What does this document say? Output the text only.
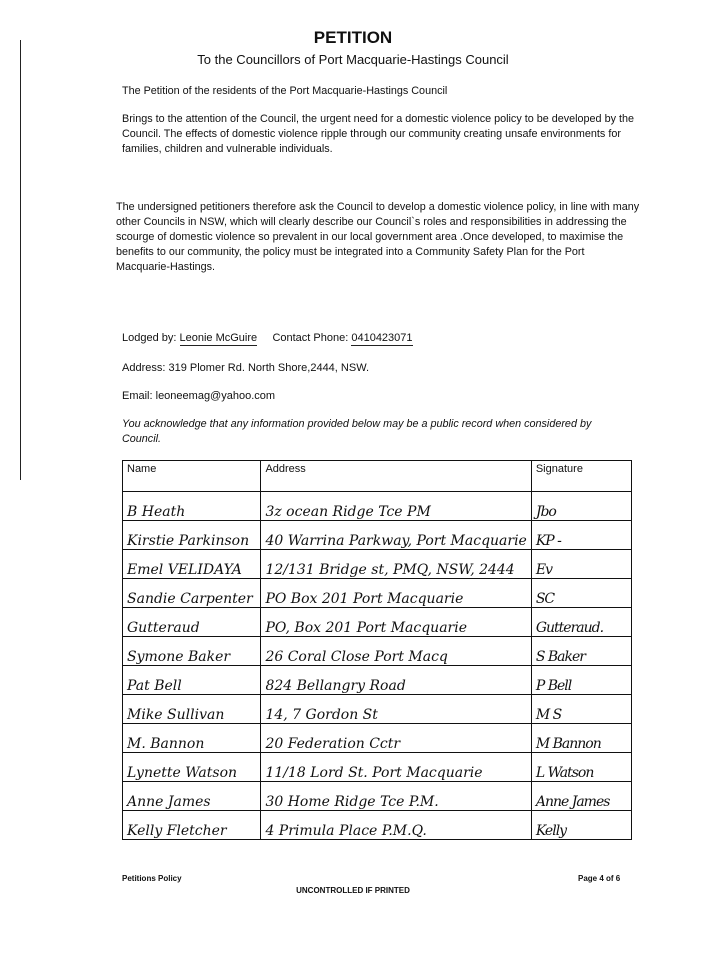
PETITION
To the Councillors of Port Macquarie-Hastings Council
The Petition of the residents of the Port Macquarie-Hastings Council
Brings to the attention of the Council, the urgent need for a domestic violence policy to be developed by the Council. The effects of domestic violence ripple through our community creating unsafe environments for families, children and vulnerable individuals.
The undersigned petitioners therefore ask the Council to develop a domestic violence policy, in line with many other Councils in NSW, which will clearly describe our Council`s roles and responsibilities in addressing the scourge of domestic violence so prevalent in our local government area .Once developed, to maximise the benefits to our community, the policy must be integrated into a Community Safety Plan for the Port Macquarie-Hastings.
Lodged by: Leonie McGuire Contact Phone: 0410423071
Address: 319 Plomer Rd. North Shore,2444, NSW.
Email: leoneemag@yahoo.com
You acknowledge that any information provided below may be a public record when considered by Council.
Name	Address	Signature
B Heath	3z ocean Ridge Tce PM	Jbo
Kirstie Parkinson	40 Warrina Parkway, Port Macquarie	KP -
Emel VELIDAYA	12/131 Bridge st, PMQ, NSW, 2444	Ev
Sandie Carpenter	PO Box 201 Port Macquarie	SC
Gutteraud	PO, Box 201 Port Macquarie	Gutteraud.
Symone Baker	26 Coral Close Port Macq	S Baker
Pat Bell	824 Bellangry Road	P Bell
Mike Sullivan	14, 7 Gordon St	M S
M. Bannon	20 Federation Cctr	M Bannon
Lynette Watson	11/18 Lord St. Port Macquarie	L Watson
Anne James	30 Home Ridge Tce P.M.	Anne James
Kelly Fletcher	4 Primula Place P.M.Q.	Kelly
Petitions Policy
UNCONTROLLED IF PRINTED
Page 4 of 6
